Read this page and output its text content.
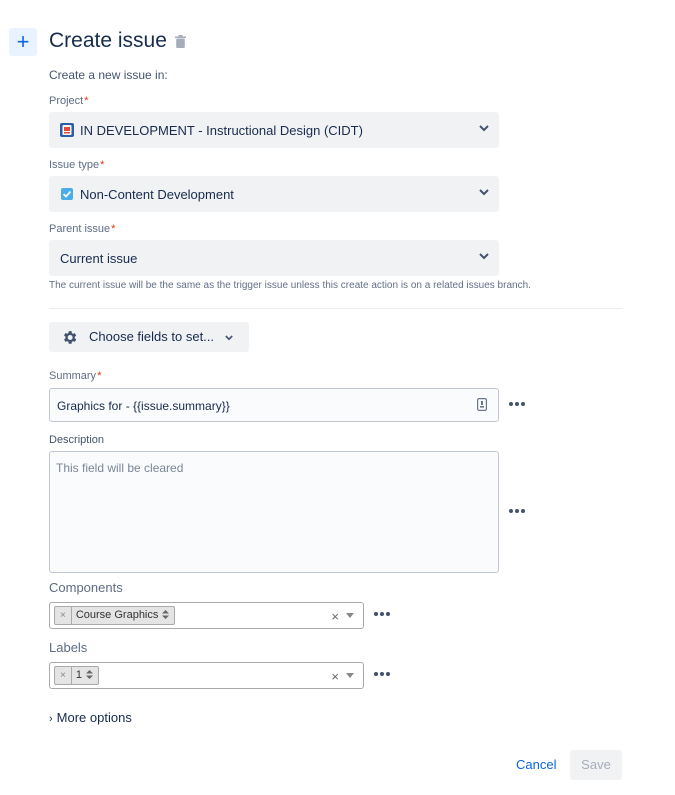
+ Create issue
Create a new issue in:
Project*
IN DEVELOPMENT - Instructional Design (CIDT)
Issue type*
Non-Content Development
Parent issue*
Current issue
The current issue will be the same as the trigger issue unless this create action is on a related issues branch.
Choose fields to set...
Summary*
Graphics for - {{issue.summary}}
Description
This field will be cleared
Components
× Course Graphics	×
Labels
× 1	×
› More options
Cancel	Save
